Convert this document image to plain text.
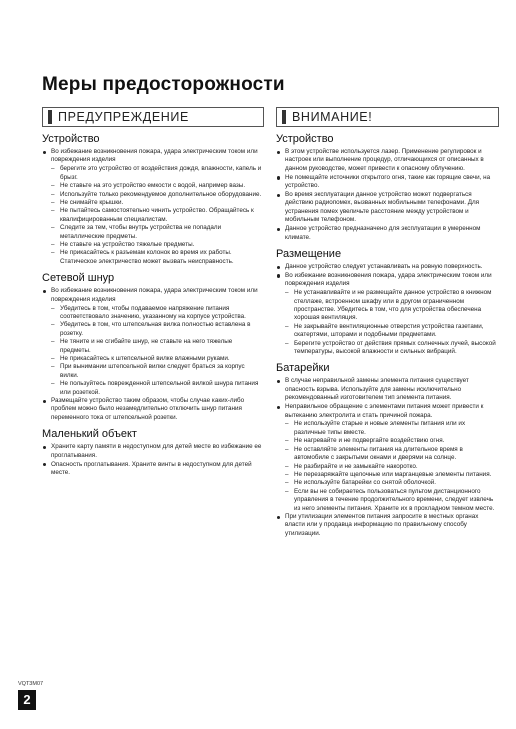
Меры предосторожности
ПРЕДУПРЕЖДЕНИЕ	ВНИМАНИЕ!
Устройство
Во избежание возникновения пожара, удара электрическим током или повреждения изделия
– берегите это устройство от воздействия дождя, влажности, капель и брызг.
– Не ставьте на это устройство емкости с водой, например вазы.
– Используйте только рекомендуемое дополнительное оборудование.
– Не снимайте крышки.
– Не пытайтесь самостоятельно чинить устройство. Обращайтесь к квалифицированным специалистам.
– Следите за тем, чтобы внутрь устройства не попадали металлические предметы.
– Не ставьте на устройство тяжелые предметы.
– Не прикасайтесь к разъемам колонок во время их работы. Статическое электричество может вызвать неисправность.
Сетевой шнур
Во избежание возникновения пожара, удара электрическим током или повреждения изделия
– Убедитесь в том, чтобы подаваемое напряжение питания соответствовало значению, указанному на корпусе устройства.
– Убедитесь в том, что штепсельная вилка полностью вставлена в розетку.
– Не тяните и не сгибайте шнур, не ставьте на него тяжелые предметы.
– Не прикасайтесь к штепсельной вилке влажными руками.
– При вынимании штепсельной вилки следует браться за корпус вилки.
– Не пользуйтесь поврежденной штепсельной вилкой шнура питания или розеткой.
Размещайте устройство таким образом, чтобы случае каких-либо проблем можно было незамедлительно отключить шнур питания переменного тока от штепсельной розетки.
Маленький объект
Храните карту памяти в недоступном для детей месте во избежание ее проглатывания.
Опасность проглатывания. Храните винты в недоступном для детей месте.
Устройство
В этом устройстве используется лазер. Применение регулировок и настроек или выполнение процедур, отличающихся от описанных в данном руководстве, может привести к опасному облучению.
Не помещайте источники открытого огня, такие как горящие свечи, на устройство.
Во время эксплуатации данное устройство может подвергаться действию радиопомех, вызванных мобильными телефонами. Для устранения помех увеличьте расстояние между устройством и мобильным телефоном.
Данное устройство предназначено для эксплуатации в умеренном климате.
Размещение
Данное устройство следует устанавливать на ровную поверхность.
Во избежание возникновения пожара, удара электрическим током или повреждения изделия
– Не устанавливайте и не размещайте данное устройство в книжном стеллаже, встроенном шкафу или в другом ограниченном пространстве. Убедитесь в том, что для устройства обеспечена хорошая вентиляция.
– Не закрывайте вентиляционные отверстия устройства газетами, скатертями, шторами и подобными предметами.
– Берегите устройство от действия прямых солнечных лучей, высокой температуры, высокой влажности и сильных вибраций.
Батарейки
В случае неправильной замены элемента питания существует опасность взрыва. Используйте для замены исключительно рекомендованный изготовителем тип элемента питания.
Неправильное обращение с элементами питания может привести к вытеканию электролита и стать причиной пожара.
– Не используйте старые и новые элементы питания или их различные типы вместе.
– Не нагревайте и не подвергайте воздействию огня.
– Не оставляйте элементы питания на длительное время в автомобиле с закрытыми окнами и дверями на солнце.
– Не разбирайте и не замыкайте накоротко.
– Не перезаряжайте щелочные или марганцевые элементы питания.
– Не используйте батарейки со снятой оболочкой.
– Если вы не собираетесь пользоваться пультом дистанционного управления в течение продолжительного времени, следует извлечь из него элементы питания. Храните их в прохладном темном месте.
При утилизации элементов питания запросите в местных органах власти или у продавца информацию по правильному способу утилизации.
VQT3M07
2
